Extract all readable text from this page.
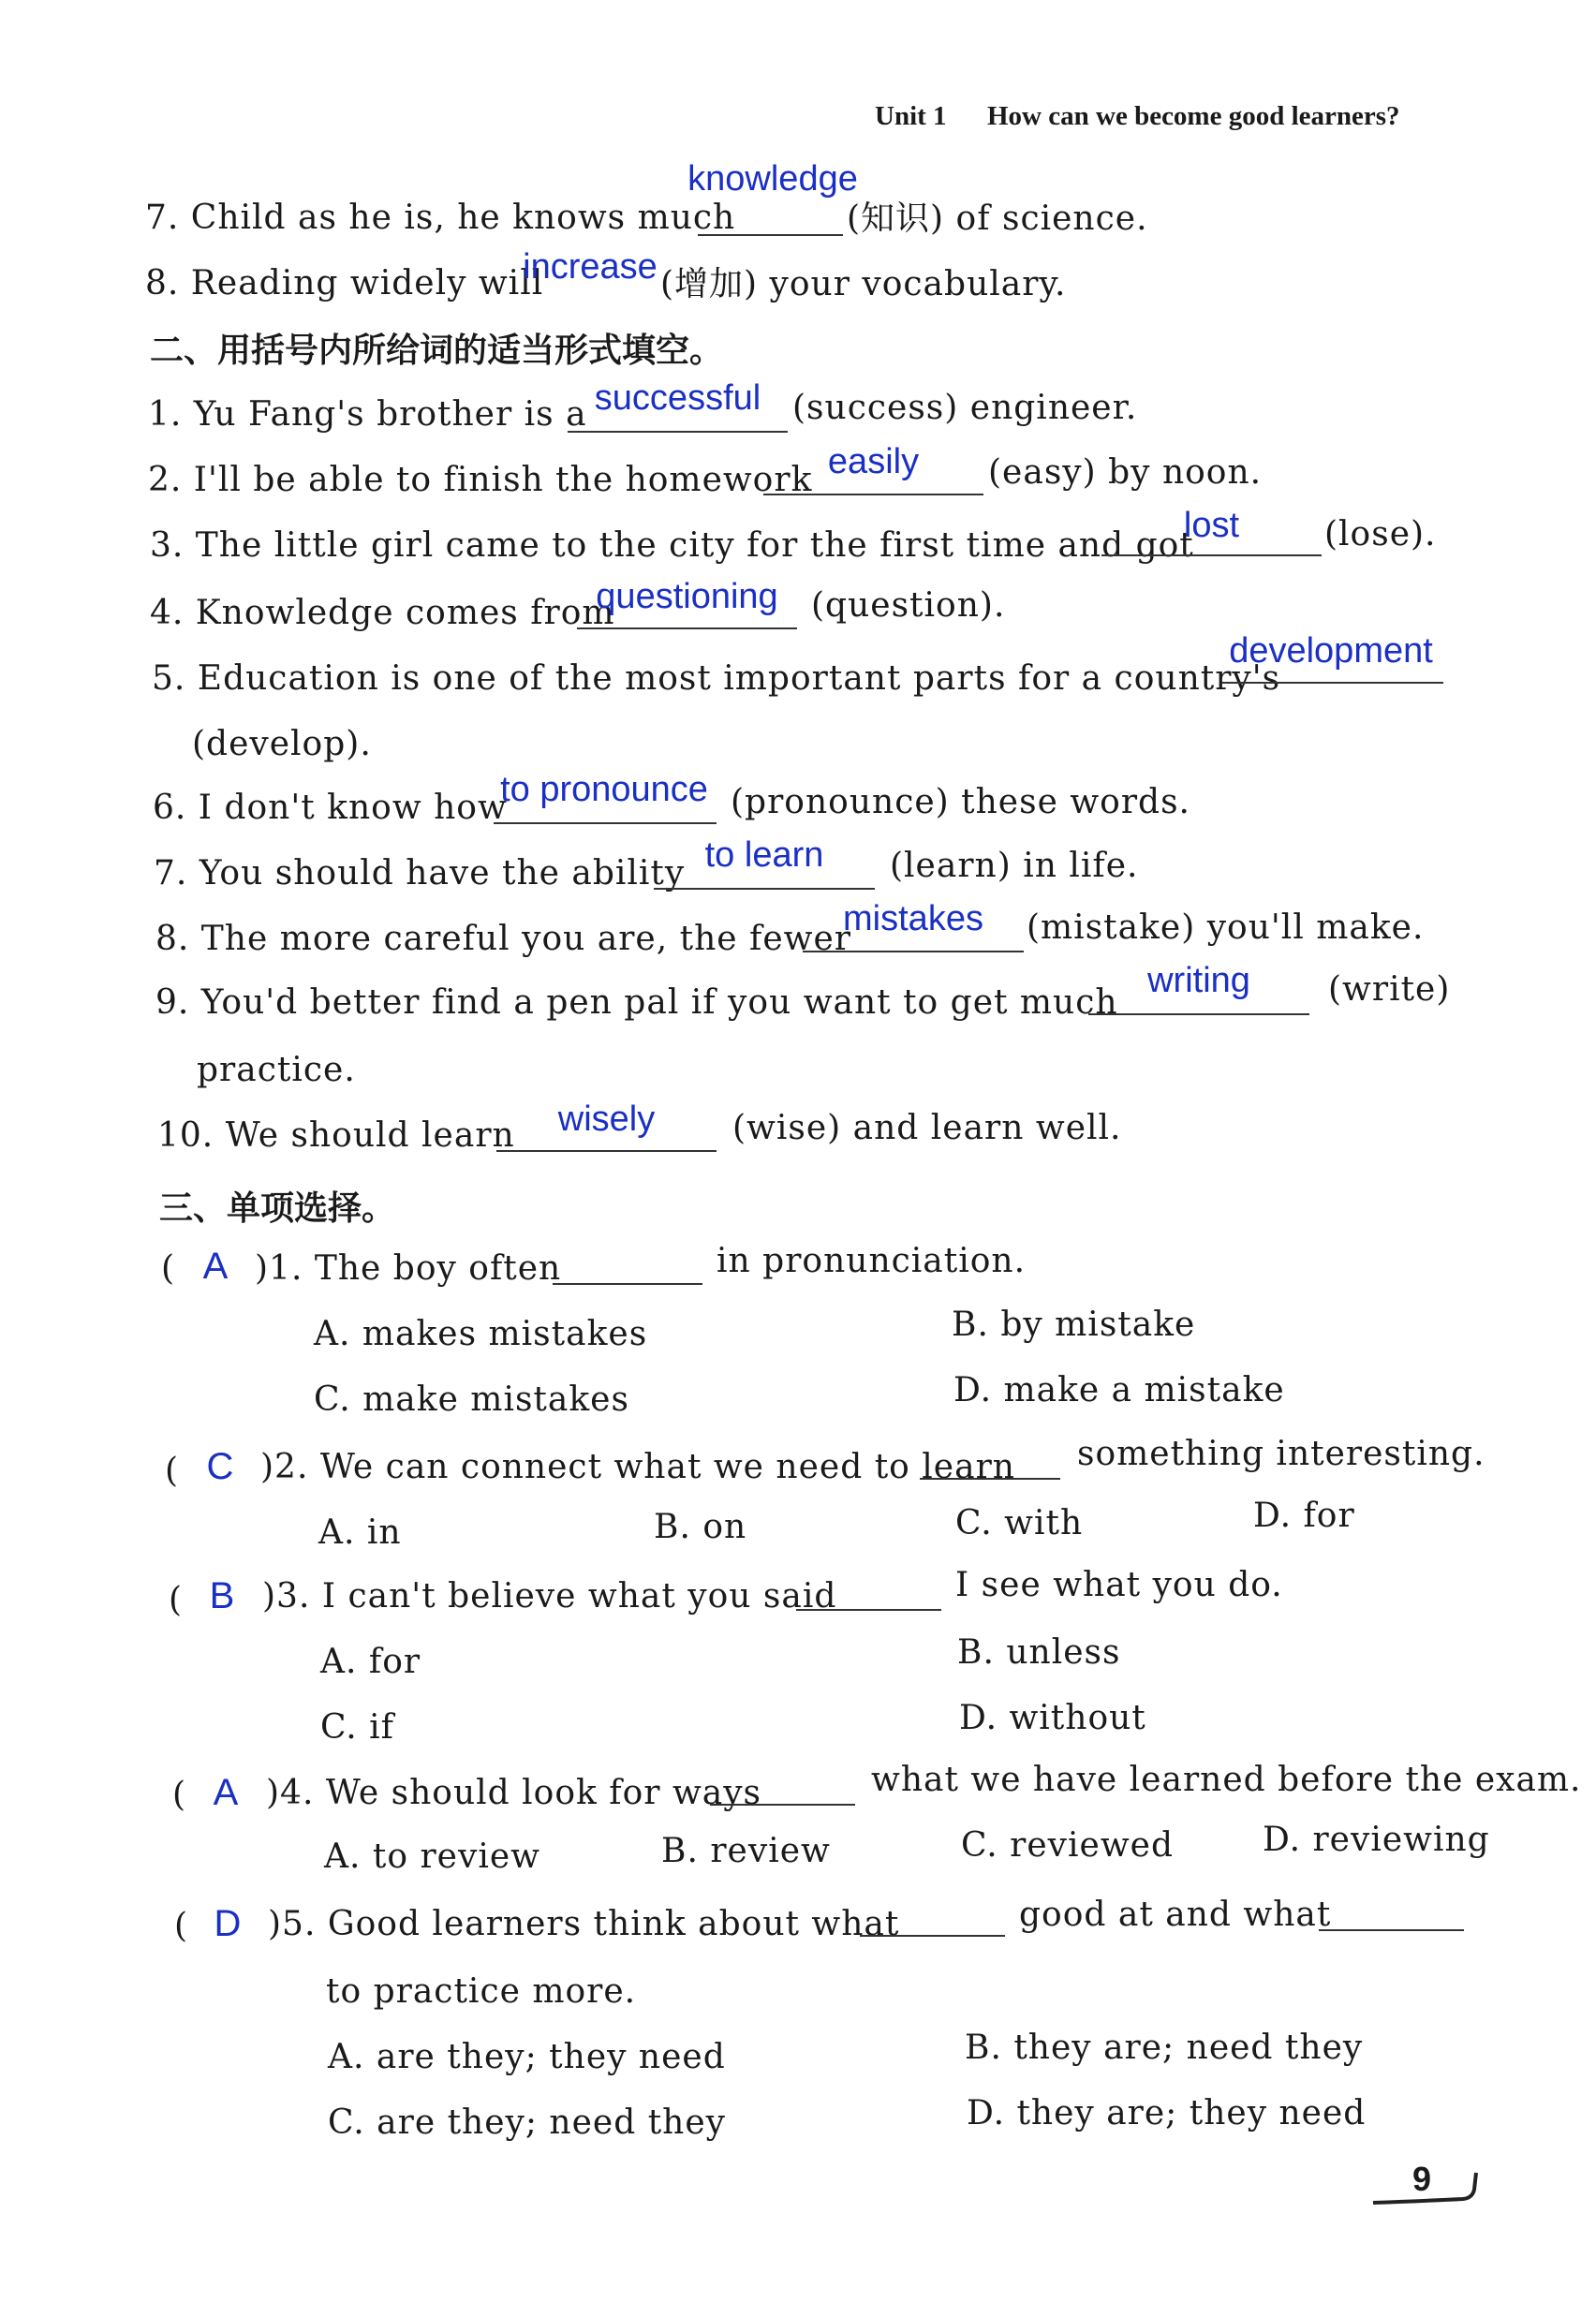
Unit 1 How can we become good learners?
7. Child as he is, he knows much
knowledge
(知识) of science.
8. Reading widely will
increase (增加) your vocabulary.
二、用括号内所给词的适当形式填空。
1. Yu Fang's brother is a successful (success) engineer.
2. I'll be able to finish the homework easily	(easy) by noon.
3. The little girl came to the city for the first time and got
lost	(lose).
4. Knowledge comes from
questioning (question).
5. Education is one of the most important parts for a country's
development
(develop).
6. I don't know how
to pronounce (pronounce) these words.
7. You should have the ability to learn	(learn) in life.
8. The more careful you are, the fewer
mistakes	(mistake) you'll make.
9. You'd better find a pen pal if you want to get much
writing	(write)
practice.
10. We should learn	wisely	(wise) and learn well.
三、单项选择。
( A )1. The boy often	in pronunciation.
A. makes mistakes	B. by mistake
C. make mistakes	D. make a mistake
( C )2. We can connect what we need to learn something interesting.
A. in	B. on	C. with	D. for
( B )3. I can't believe what you said	I see what you do.
A. for	B. unless
C. if	D. without
( A )4. We should look for ways	what we have learned before the exam.
A. to review	B. review	C. reviewed	D. reviewing
( D )5. Good learners think about what	good at and what
to practice more.
A. are they; they need	B. they are; need they
C. are they; need they	D. they are; they need
9
